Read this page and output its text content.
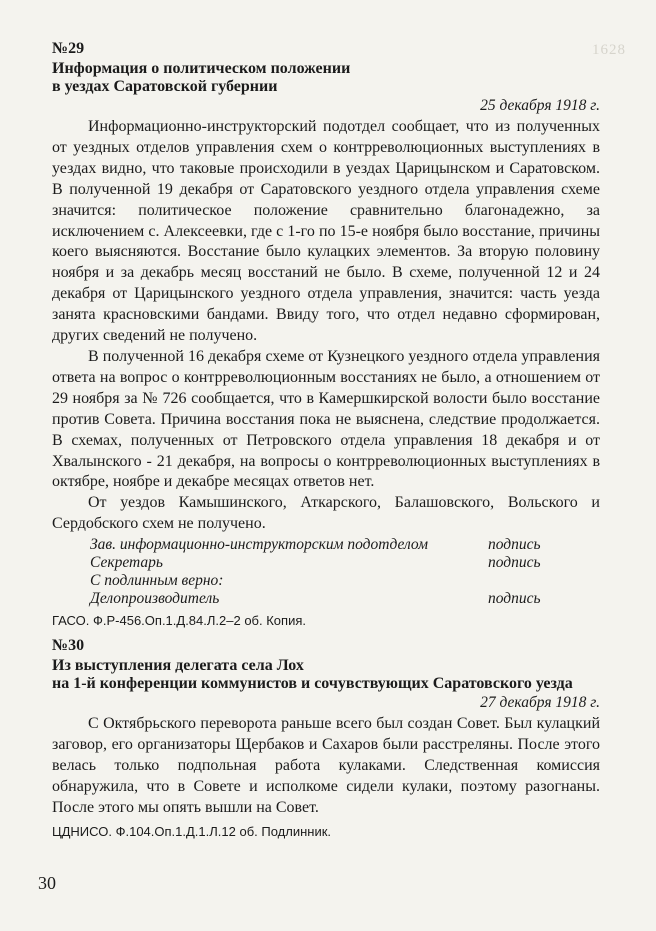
1628

№29

Информация о политическом положении
в уездах Саратовской губернии
25 декабря 1918 г.

Информационно-инструкторский подотдел сообщает, что из полученных от уездных отделов управления схем о контрреволюционных выступлениях в уездах видно, что таковые происходили в уездах Царицынском и Саратовском. В полученной 19 декабря от Саратовского уездного отдела управления схеме значится: политическое положение сравнительно благонадежно, за исключением с. Алексеевки, где с 1-го по 15-е ноября было восстание, причины коего выясняются. Восстание было кулацких элементов. За вторую половину ноября и за декабрь месяц восстаний не было. В схеме, полученной 12 и 24 декабря от Царицынского уездного отдела управления, значится: часть уезда занята красновскими бандами. Ввиду того, что отдел недавно сформирован, других сведений не получено.

В полученной 16 декабря схеме от Кузнецкого уездного отдела управления ответа на вопрос о контрреволюционным восстаниях не было, а отношением от 29 ноября за № 726 сообщается, что в Камершкирской волости было восстание против Совета. Причина восстания пока не выяснена, следствие продолжается. В схемах, полученных от Петровского отдела управления 18 декабря и от Хвалынского - 21 декабря, на вопросы о контрреволюционных выступлениях в октябре, ноябре и декабре месяцах ответов нет.

От уездов Камышинского, Аткарского, Балашовского, Вольского и Сердобского схем не получено.

Зав. информационно-инструкторским подотделом	подпись
Секретарь	подпись
С подлинным верно:
Делопроизводитель	подпись
ГАСО. Ф.Р-456.Оп.1.Д.84.Л.2–2 об. Копия.

№30

Из выступления делегата села Лох
на 1-й конференции коммунистов и сочувствующих Саратовского уезда
27 декабря 1918 г.

С Октябрьского переворота раньше всего был создан Совет. Был кулацкий заговор, его организаторы Щербаков и Сахаров были расстреляны. После этого велась только подпольная работа кулаками. Следственная комиссия обнаружила, что в Совете и исполкоме сидели кулаки, поэтому разогнаны. После этого мы опять вышли на Совет.

ЦДНИСО. Ф.104.Оп.1.Д.1.Л.12 об. Подлинник.
30
